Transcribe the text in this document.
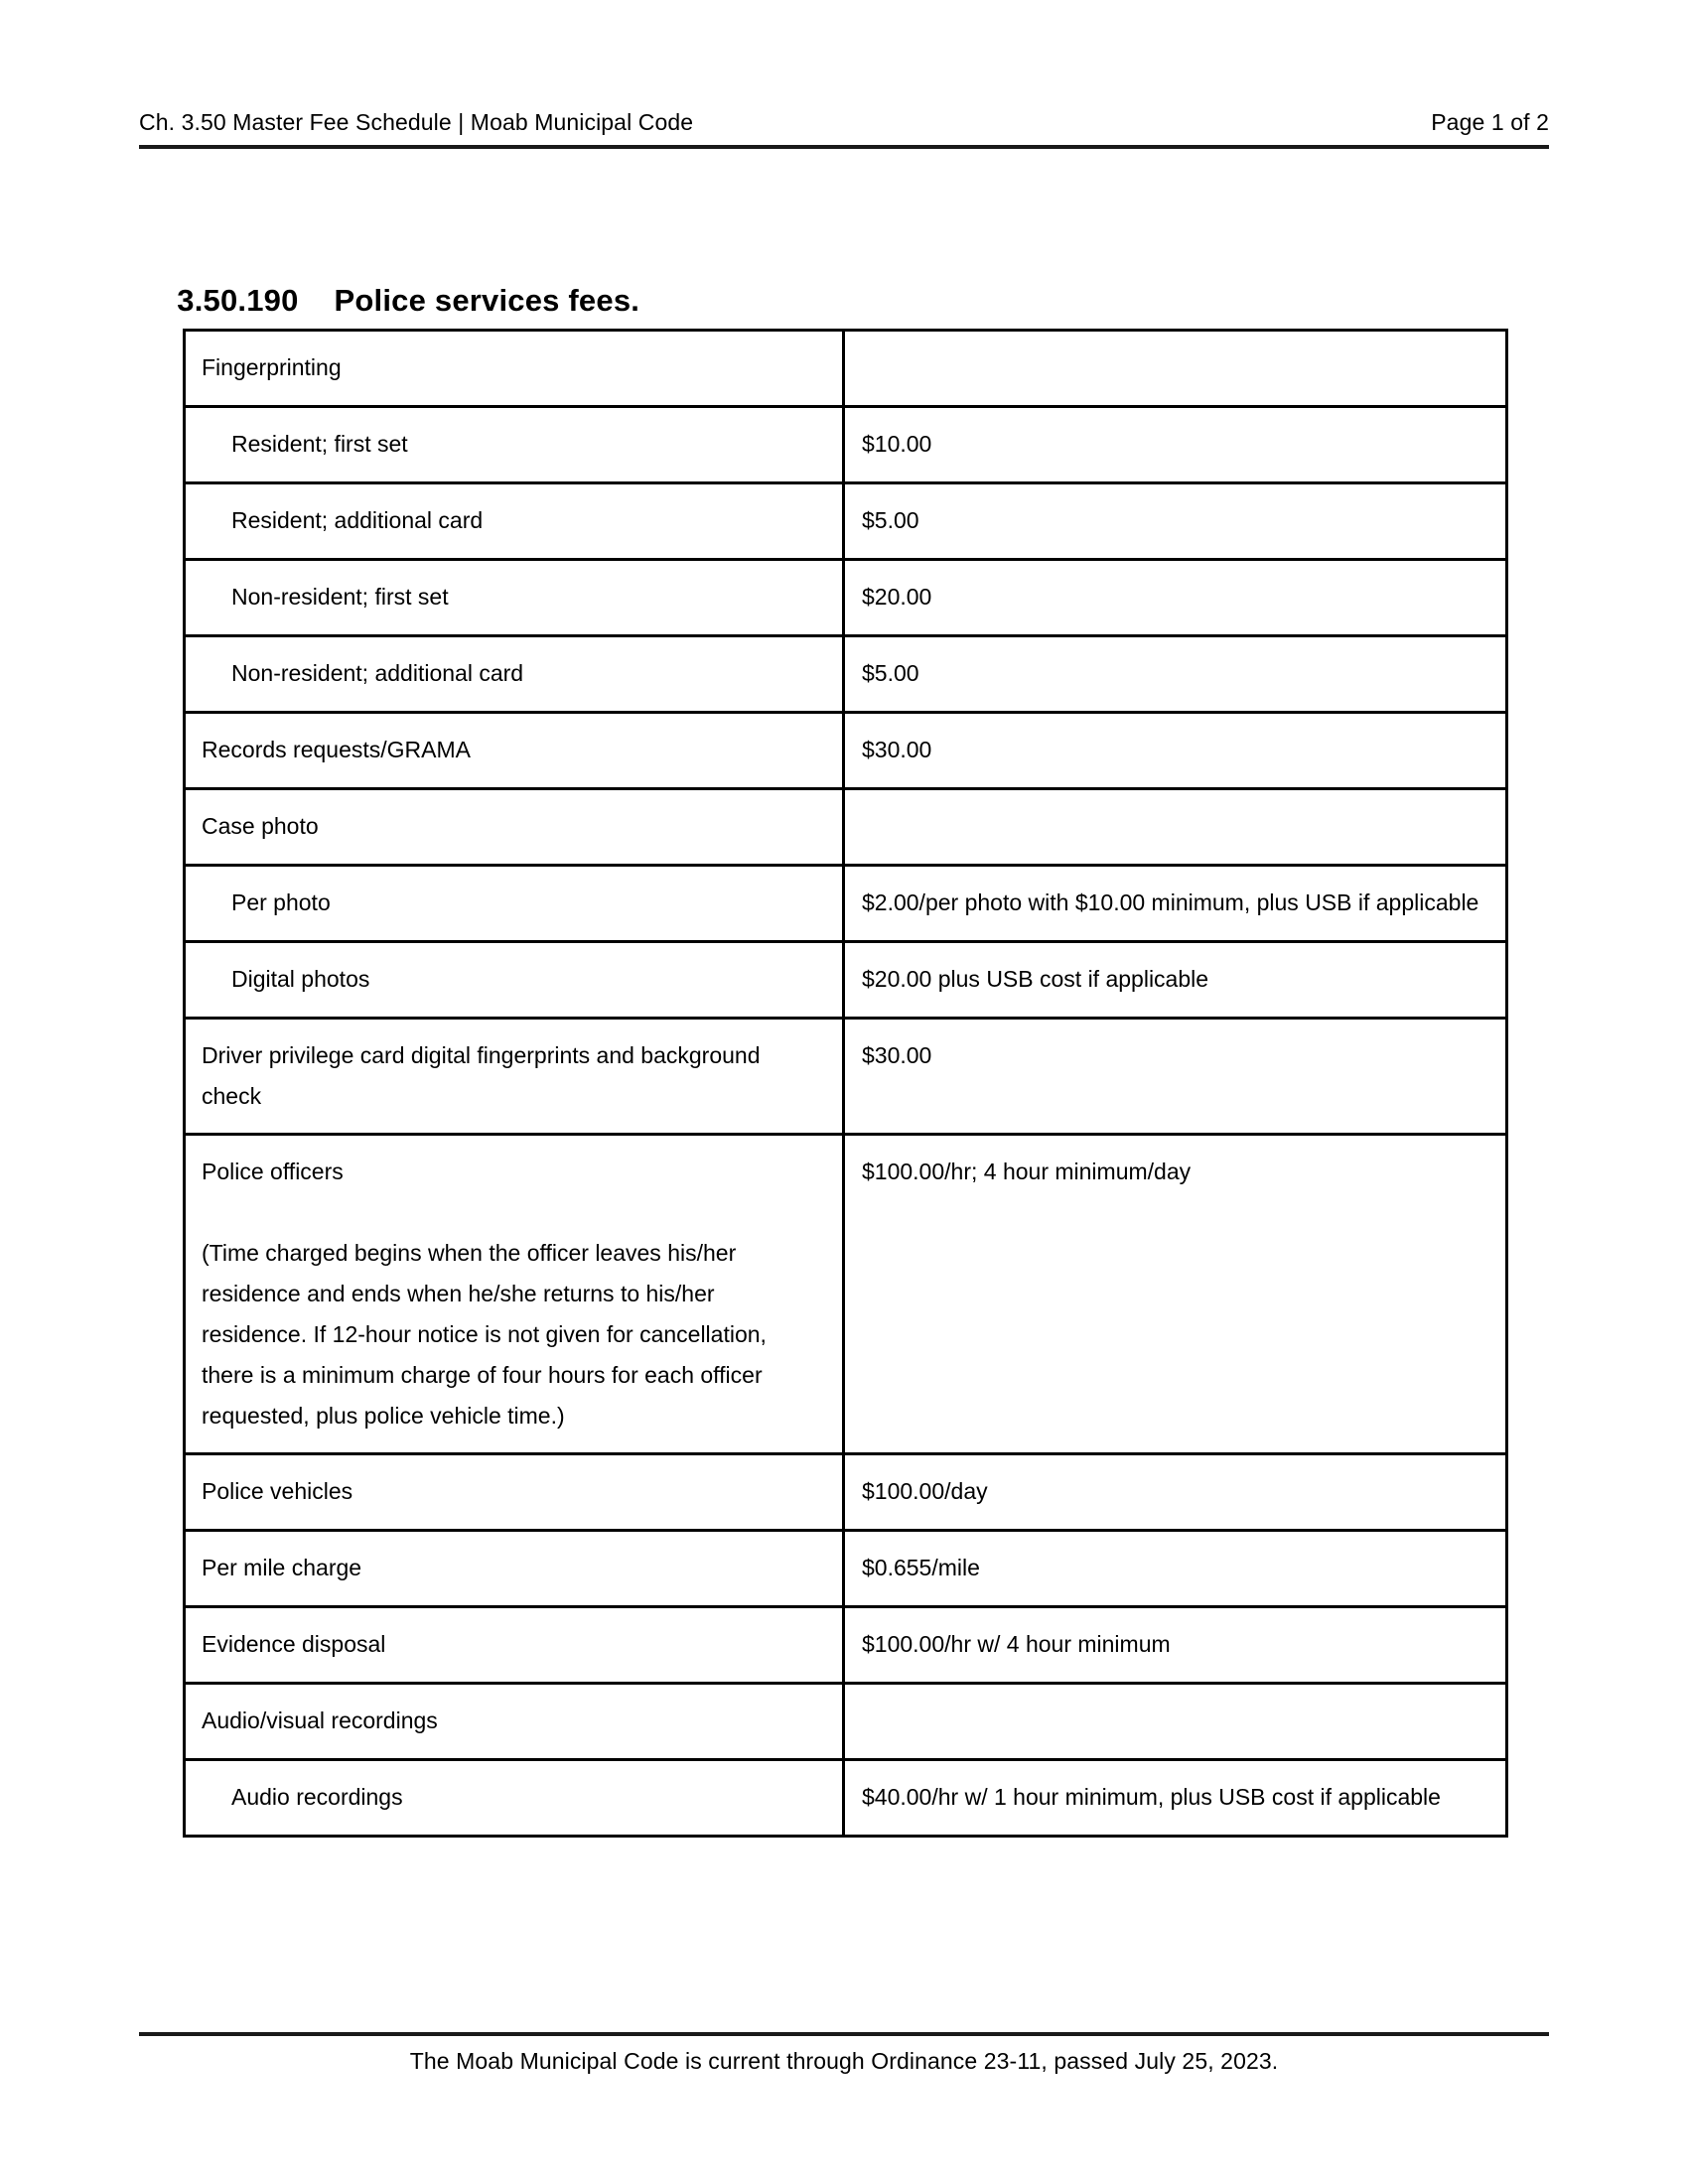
Ch. 3.50 Master Fee Schedule | Moab Municipal Code	Page 1 of 2

3.50.190 Police services fees.

Fingerprinting	

Resident; first set	$10.00

Resident; additional card	$5.00

Non-resident; first set	$20.00

Non-resident; additional card	$5.00

Records requests/GRAMA	$30.00

Case photo	

Per photo	$2.00/per photo with $10.00 minimum, plus USB if applicable

Digital photos	$20.00 plus USB cost if applicable

Driver privilege card digital fingerprints and background check	$30.00

Police officers
(Time charged begins when the officer leaves his/her residence and ends when he/she returns to his/her residence. If 12-hour notice is not given for cancellation, there is a minimum charge of four hours for each officer requested, plus police vehicle time.)	$100.00/hr; 4 hour minimum/day

Police vehicles	$100.00/day

Per mile charge	$0.655/mile

Evidence disposal	$100.00/hr w/ 4 hour minimum

Audio/visual recordings	

Audio recordings	$40.00/hr w/ 1 hour minimum, plus USB cost if applicable
The Moab Municipal Code is current through Ordinance 23-11, passed July 25, 2023.
